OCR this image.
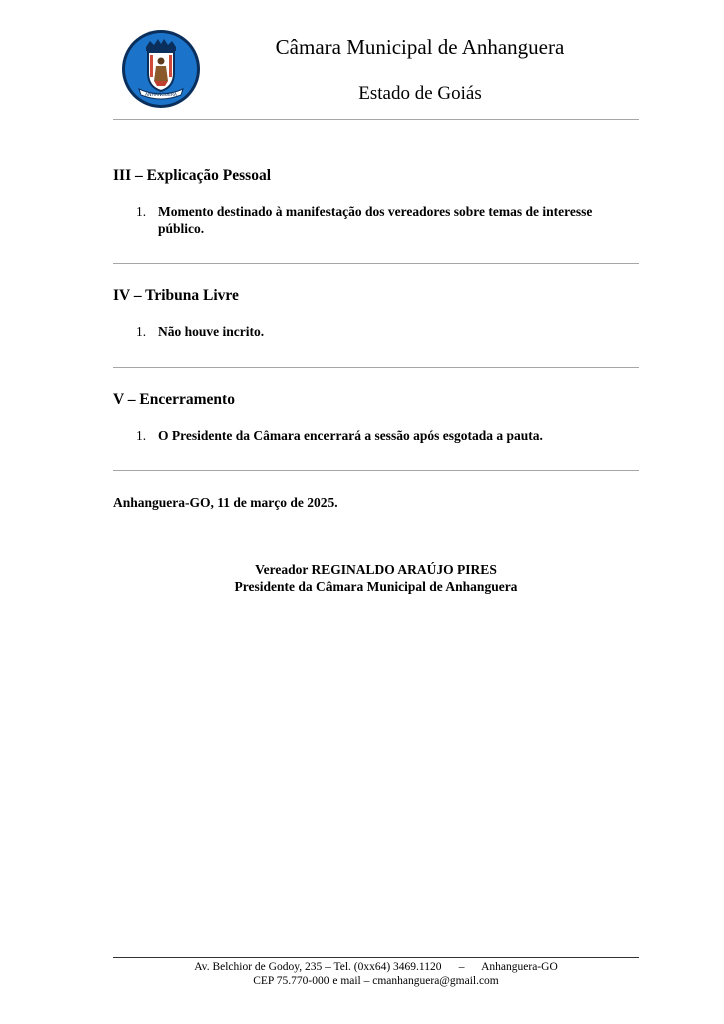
ANHANGUERA
Câmara Municipal de Anhanguera
Estado de Goiás
III – Explicação Pessoal
1. Momento destinado à manifestação dos vereadores sobre temas de interesse
público.
IV – Tribuna Livre
1. Não houve incrito.
V – Encerramento
1. O Presidente da Câmara encerrará a sessão após esgotada a pauta.
Anhanguera-GO, 11 de março de 2025.
Vereador REGINALDO ARAÚJO PIRES
Presidente da Câmara Municipal de Anhanguera
Av. Belchior de Godoy, 235 – Tel. (0xx64) 3469.1120      –      Anhanguera-GO
CEP 75.770-000 e mail – cmanhanguera@gmail.com
